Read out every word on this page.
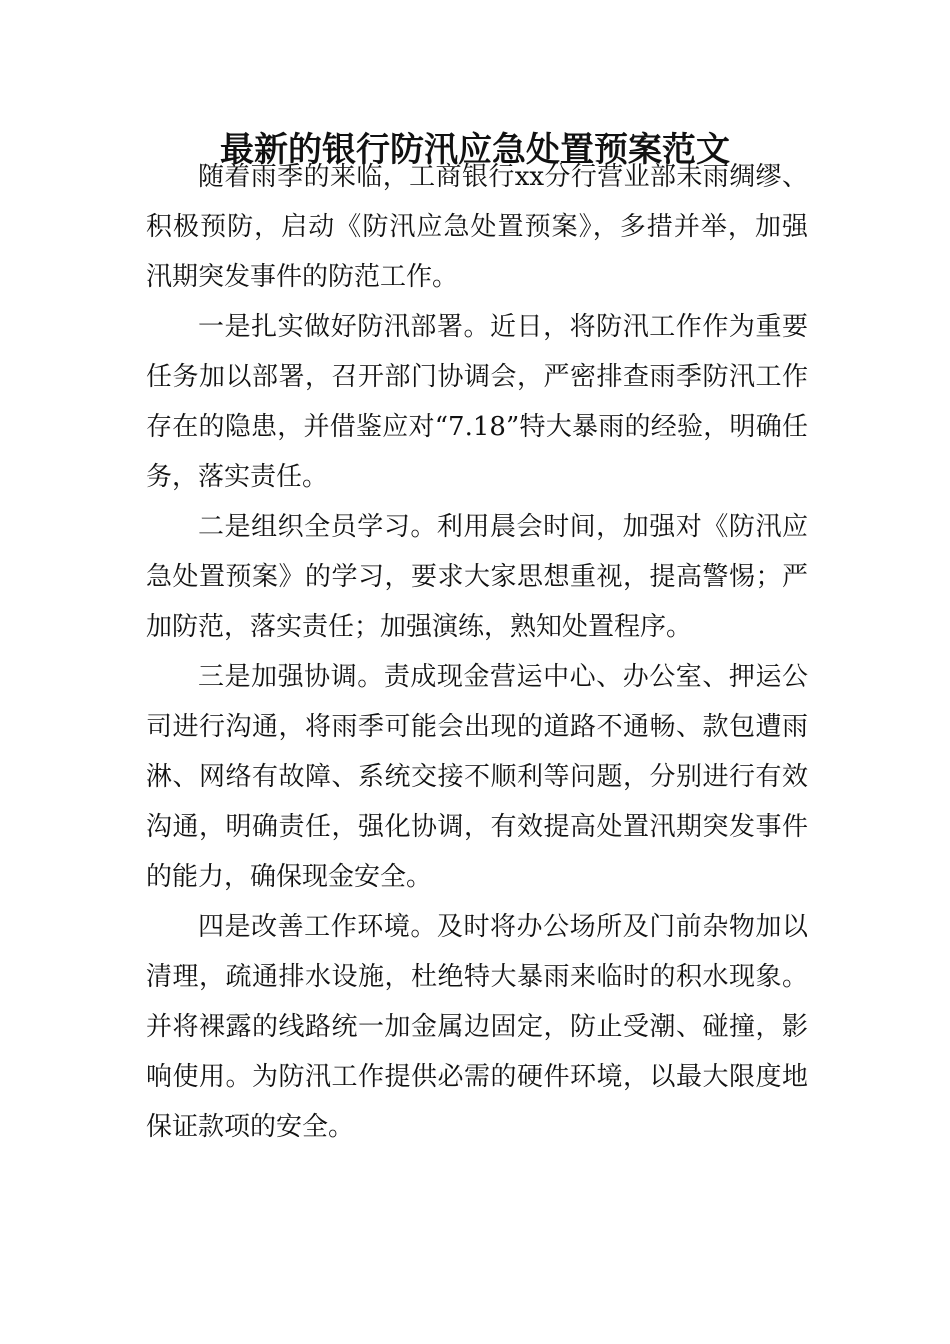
最新的银行防汛应急处置预案范文

随着雨季的来临，工商银行xx分行营业部未雨绸缪、积极预防，启动《防汛应急处置预案》，多措并举，加强汛期突发事件的防范工作。

一是扎实做好防汛部署。近日，将防汛工作作为重要任务加以部署，召开部门协调会，严密排查雨季防汛工作存在的隐患，并借鉴应对“7.18”特大暴雨的经验，明确任务，落实责任。

二是组织全员学习。利用晨会时间，加强对《防汛应急处置预案》的学习，要求大家思想重视，提高警惕；严加防范，落实责任；加强演练，熟知处置程序。

三是加强协调。责成现金营运中心、办公室、押运公司进行沟通，将雨季可能会出现的道路不通畅、款包遭雨淋、网络有故障、系统交接不顺利等问题，分别进行有效沟通，明确责任，强化协调，有效提高处置汛期突发事件的能力，确保现金安全。

四是改善工作环境。及时将办公场所及门前杂物加以清理，疏通排水设施，杜绝特大暴雨来临时的积水现象。并将裸露的线路统一加金属边固定，防止受潮、碰撞，影响使用。为防汛工作提供必需的硬件环境，以最大限度地保证款项的安全。
